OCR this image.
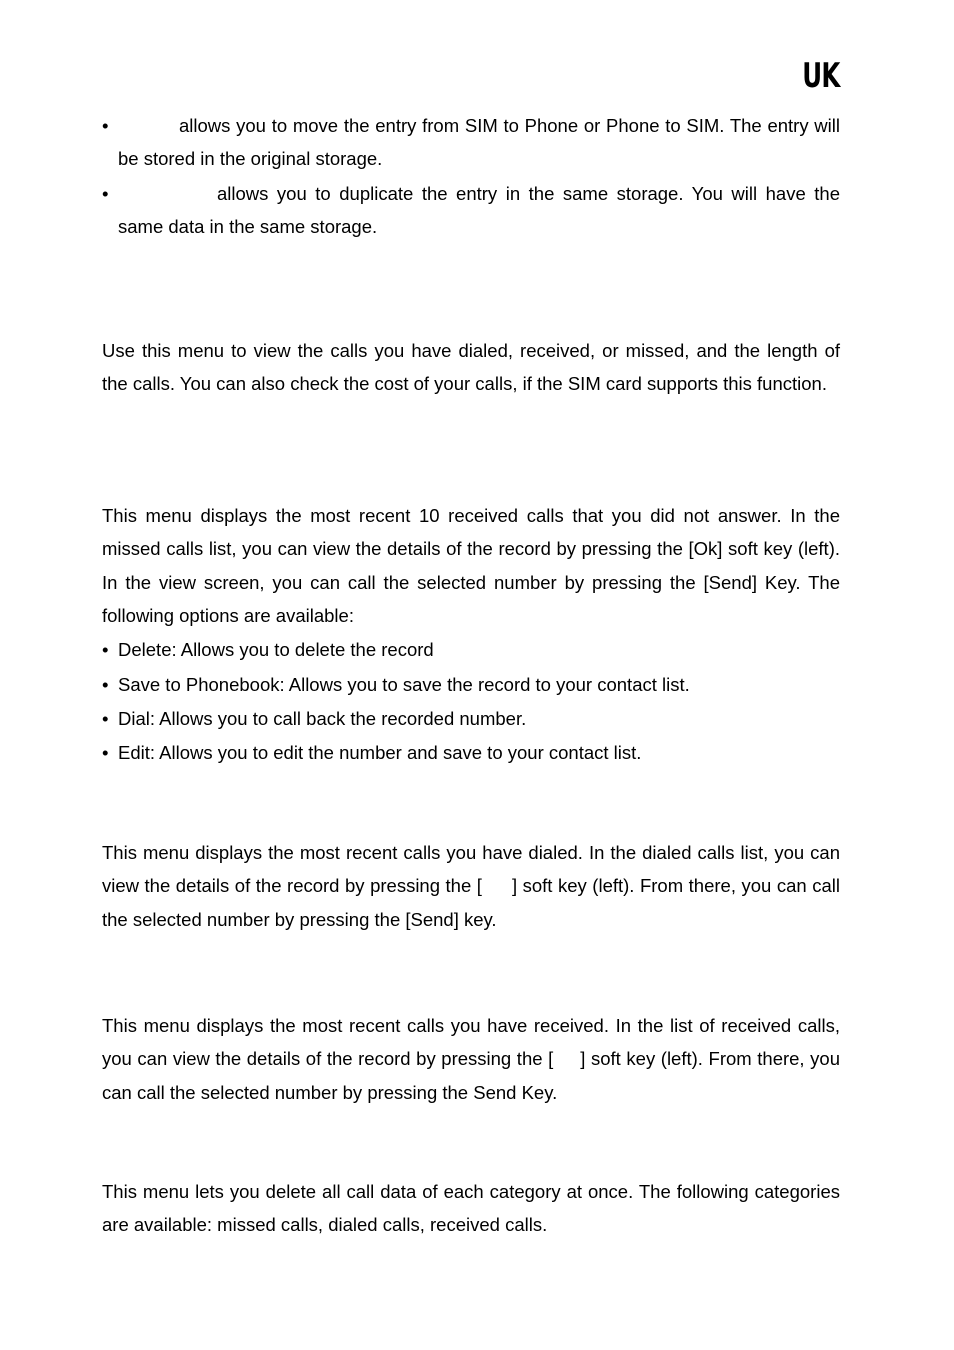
UK

•	allows you to move the entry from SIM to Phone or Phone to SIM. The entry will be stored in the original storage.

•	allows you to duplicate the entry in the same storage. You will have the same data in the same storage.

Use this menu to view the calls you have dialed, received, or missed, and the length of the calls. You can also check the cost of your calls, if the SIM card supports this function.

This menu displays the most recent 10 received calls that you did not answer. In the missed calls list, you can view the details of the record by pressing the [Ok] soft key (left). In the view screen, you can call the selected number by pressing the [Send] Key. The following options are available:

• Delete: Allows you to delete the record

• Save to Phonebook: Allows you to save the record to your contact list.

• Dial: Allows you to call back the recorded number.

• Edit: Allows you to edit the number and save to your contact list.

This menu displays the most recent calls you have dialed. In the dialed calls list, you can view the details of the record by pressing the [ ] soft key (left). From there, you can call the selected number by pressing the [Send] key.

This menu displays the most recent calls you have received. In the list of received calls, you can view the details of the record by pressing the [ ] soft key (left). From there, you can call the selected number by pressing the Send Key.

This menu lets you delete all call data of each category at once. The following categories are available: missed calls, dialed calls, received calls.
